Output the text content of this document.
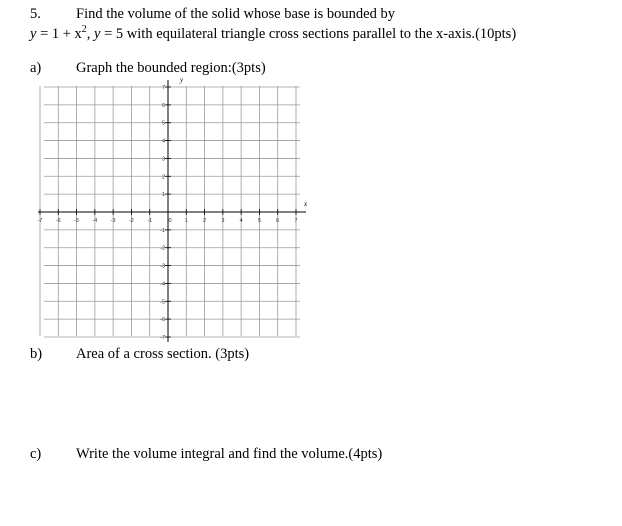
5. Find the volume of the solid whose base is bounded by
$y = 1 + x^2$, y = 5 with equilateral triangle cross sections parallel to the x-axis.(10pts)
a) Graph the bounded region:(3pts)
-7 -6 -5 -4 -3 -2 -1	0 1	2	3	4	5	6	7
1
2
3
4
5
6
7
-1
-2
-3
-4
-5
-6
-7
y
x
b) Area of a cross section. (3pts)
c) Write the volume integral and find the volume.(4pts)
